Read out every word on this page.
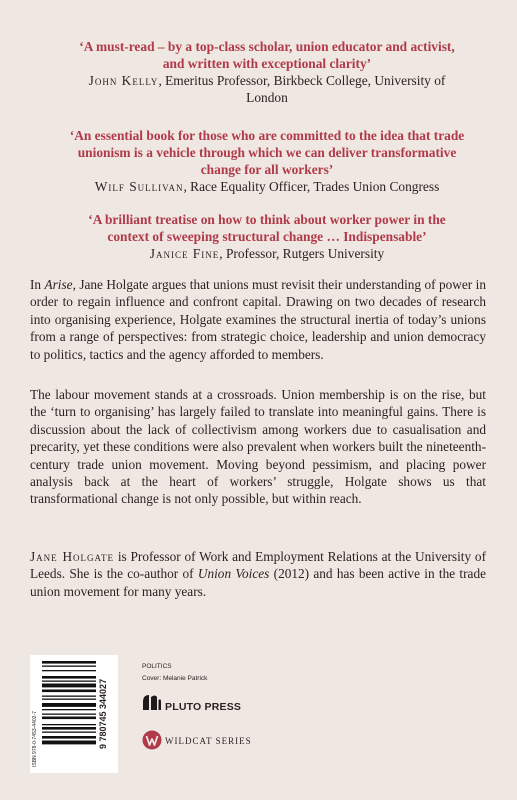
‘A must-read – by a top-class scholar, union educator and activist, and written with exceptional clarity’

John Kelly, Emeritus Professor, Birkbeck College, University of London

‘An essential book for those who are committed to the idea that trade unionism is a vehicle through which we can deliver transformative change for all workers’

Wilf Sullivan, Race Equality Officer, Trades Union Congress

‘A brilliant treatise on how to think about worker power in the context of sweeping structural change … Indispensable’

Janice Fine, Professor, Rutgers University

In Arise, Jane Holgate argues that unions must revisit their understanding of power in order to regain influence and confront capital. Drawing on two decades of research into organising experience, Holgate examines the structural inertia of today’s unions from a range of perspectives: from strategic choice, leadership and union democracy to politics, tactics and the agency afforded to members.

The labour movement stands at a crossroads. Union membership is on the rise, but the ‘turn to organising’ has largely failed to translate into meaningful gains. There is discussion about the lack of collectivism among workers due to casualisation and precarity, yet these conditions were also prevalent when workers built the nineteenth-century trade union movement. Moving beyond pessimism, and placing power analysis back at the heart of workers’ struggle, Holgate shows us that transformational change is not only possible, but within reach.

Jane Holgate is Professor of Work and Employment Relations at the University of Leeds. She is the co-author of Union Voices (2012) and has been active in the trade union movement for many years.

ISBN 978-0-7453-4402-7	9 780745 344027
POLITICS
Cover: Melanie Patrick
PLUTO PRESS
WILDCAT SERIES
